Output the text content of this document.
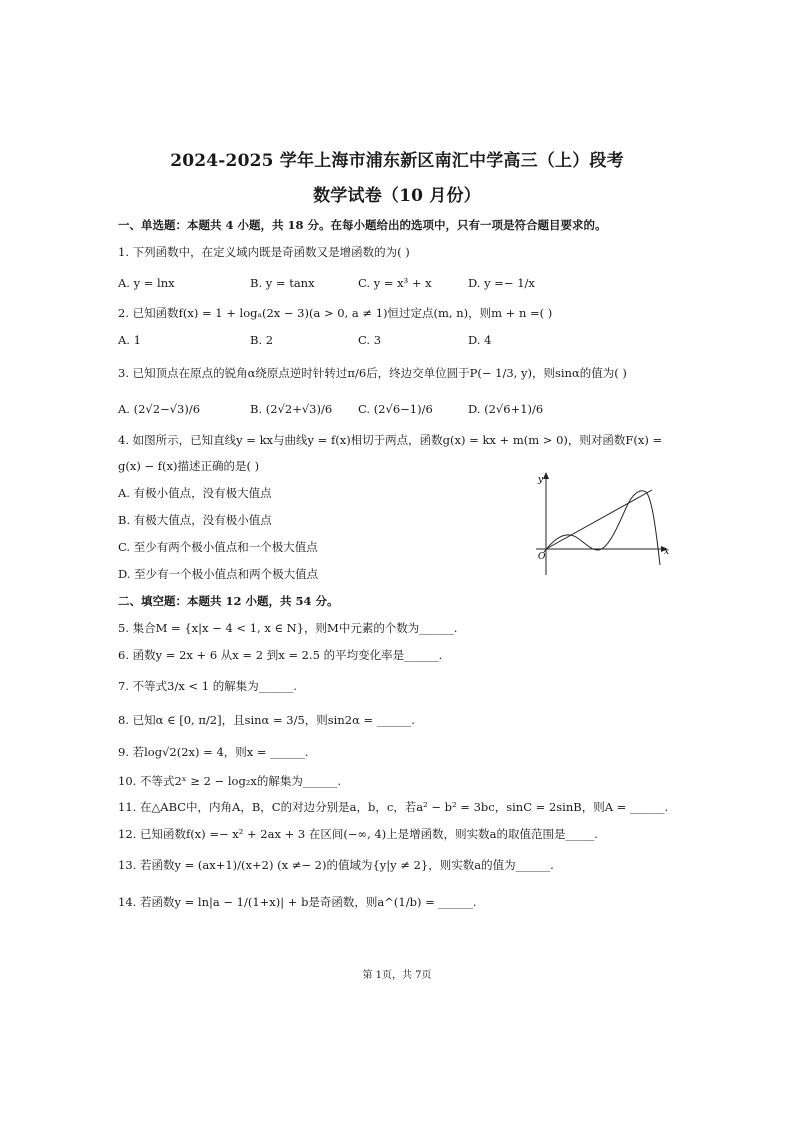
2024-2025 学年上海市浦东新区南汇中学高三（上）段考
数学试卷（10 月份）
一、单选题：本题共 4 小题，共 18 分。在每小题给出的选项中，只有一项是符合题目要求的。
1. 下列函数中，在定义域内既是奇函数又是增函数的为( )
A. y = lnx	B. y = tanx	C. y = x³ + x	D. y =− 1/x
2. 已知函数f(x) = 1 + logₐ(2x − 3)(a > 0, a ≠ 1)恒过定点(m, n)，则m + n =( )
A. 1	B. 2	C. 3	D. 4
3. 已知顶点在原点的锐角α绕原点逆时针转过π/6后，终边交单位圆于P(− 1/3, y)，则sinα的值为( )
A. (2√2−√3)/6	B. (2√2+√3)/6 C. (2√6−1)/6	D. (2√6+1)/6
4. 如图所示，已知直线y = kx与曲线y = f(x)相切于两点，函数g(x) = kx + m(m > 0)，则对函数F(x) =
g(x) − f(x)描述正确的是( )
A. 有极小值点，没有极大值点
B. 有极大值点，没有极小值点
C. 至少有两个极小值点和一个极大值点
D. 至少有一个极小值点和两个极大值点
y
x
O
二、填空题：本题共 12 小题，共 54 分。
5. 集合M = {x|x − 4 < 1, x ∈ N}，则M中元素的个数为______.
6. 函数y = 2x + 6 从x = 2 到x = 2.5 的平均变化率是______.
7. 不等式3/x < 1 的解集为______.
8. 已知α ∈ [0, π/2]，且sinα = 3/5，则sin2α = ______.
9. 若log√2(2x) = 4，则x = ______.
10. 不等式2ˣ ≥ 2 − log₂x的解集为______.
11. 在△ABC中，内角A，B，C的对边分别是a，b，c，若a² − b² = 3bc，sinC = 2sinB，则A = ______.
12. 已知函数f(x) =− x² + 2ax + 3 在区间(−∞, 4)上是增函数，则实数a的取值范围是_____.
13. 若函数y = (ax+1)/(x+2) (x ≠− 2)的值域为{y|y ≠ 2}，则实数a的值为______.
14. 若函数y = ln|a − 1/(1+x)| + b是奇函数，则a^(1/b) = ______.
第 1页，共 7页
